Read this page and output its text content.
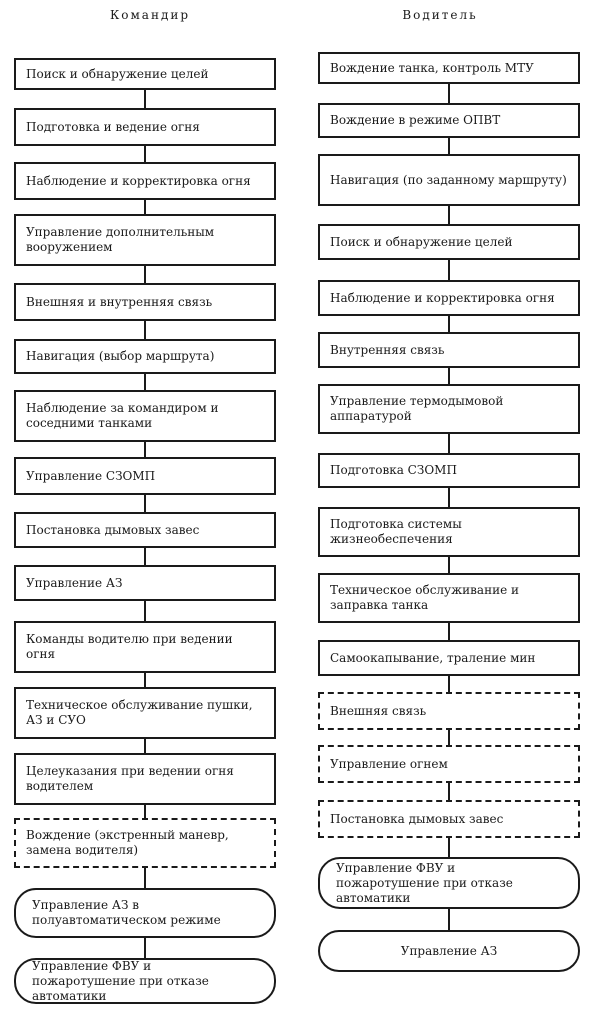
Командир	Водитель
Поиск и обнаружение целей
Подготовка и ведение огня
Наблюдение и корректировка огня
Управление дополнительным вооружением
Внешняя и внутренняя связь
Навигация (выбор маршрута)
Наблюдение за командиром и соседними танками
Управление СЗОМП
Постановка дымовых завес
Управление АЗ
Команды водителю при ведении огня
Техническое обслуживание пушки, АЗ и СУО
Целеуказания при ведении огня водителем
Вождение (экстренный маневр, замена водителя)
Управление АЗ в полуавтоматическом режиме
Управление ФВУ и пожаротушение при отказе автоматики
Вождение танка, контроль МТУ
Вождение в режиме ОПВТ
Навигация (по заданному маршруту)
Поиск и обнаружение целей
Наблюдение и корректировка огня
Внутренняя связь
Управление термодымовой аппаратурой
Подготовка СЗОМП
Подготовка системы жизнеобеспечения
Техническое обслуживание и заправка танка
Самоокапывание, траление мин
Внешняя связь
Управление огнем
Постановка дымовых завес
Управление ФВУ и пожаротушение при отказе автоматики
Управление АЗ
